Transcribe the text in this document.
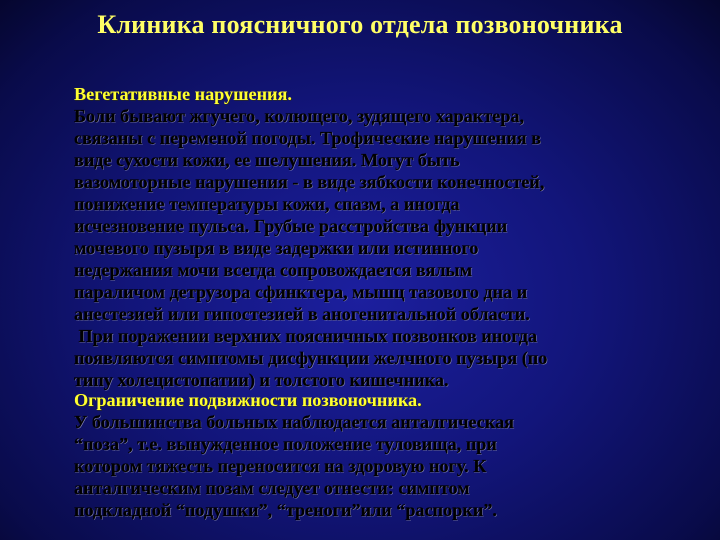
Клиника поясничного отдела позвоночника
Вегетативные нарушения.
Боли бывают жгучего, колющего, зудящего характера,
связаны с переменой погоды. Трофические нарушения в
виде сухости кожи, ее шелушения. Могут быть
вазомоторные нарушения - в виде зябкости конечностей,
понижение температуры кожи, спазм, а иногда
исчезновение пульса. Грубые расстройства функции
мочевого пузыря в виде задержки или истинного
недержания мочи всегда сопровождается вялым
параличом детрузора сфинктера, мышц тазового дна и
анестезией или гипостезией в аногенитальной области.
При поражении верхних поясничных позвонков иногда
появляются симптомы дисфункции желчного пузыря (по
типу холецистопатии) и толстого кишечника.
Ограничение подвижности позвоночника.
У большинства больных наблюдается анталгическая
“поза”, т.е. вынужденное положение туловища, при
котором тяжесть переносится на здоровую ногу. К
анталгическим позам следует отнести: симптом
подкладной “подушки”, “треноги”или “распорки”.
